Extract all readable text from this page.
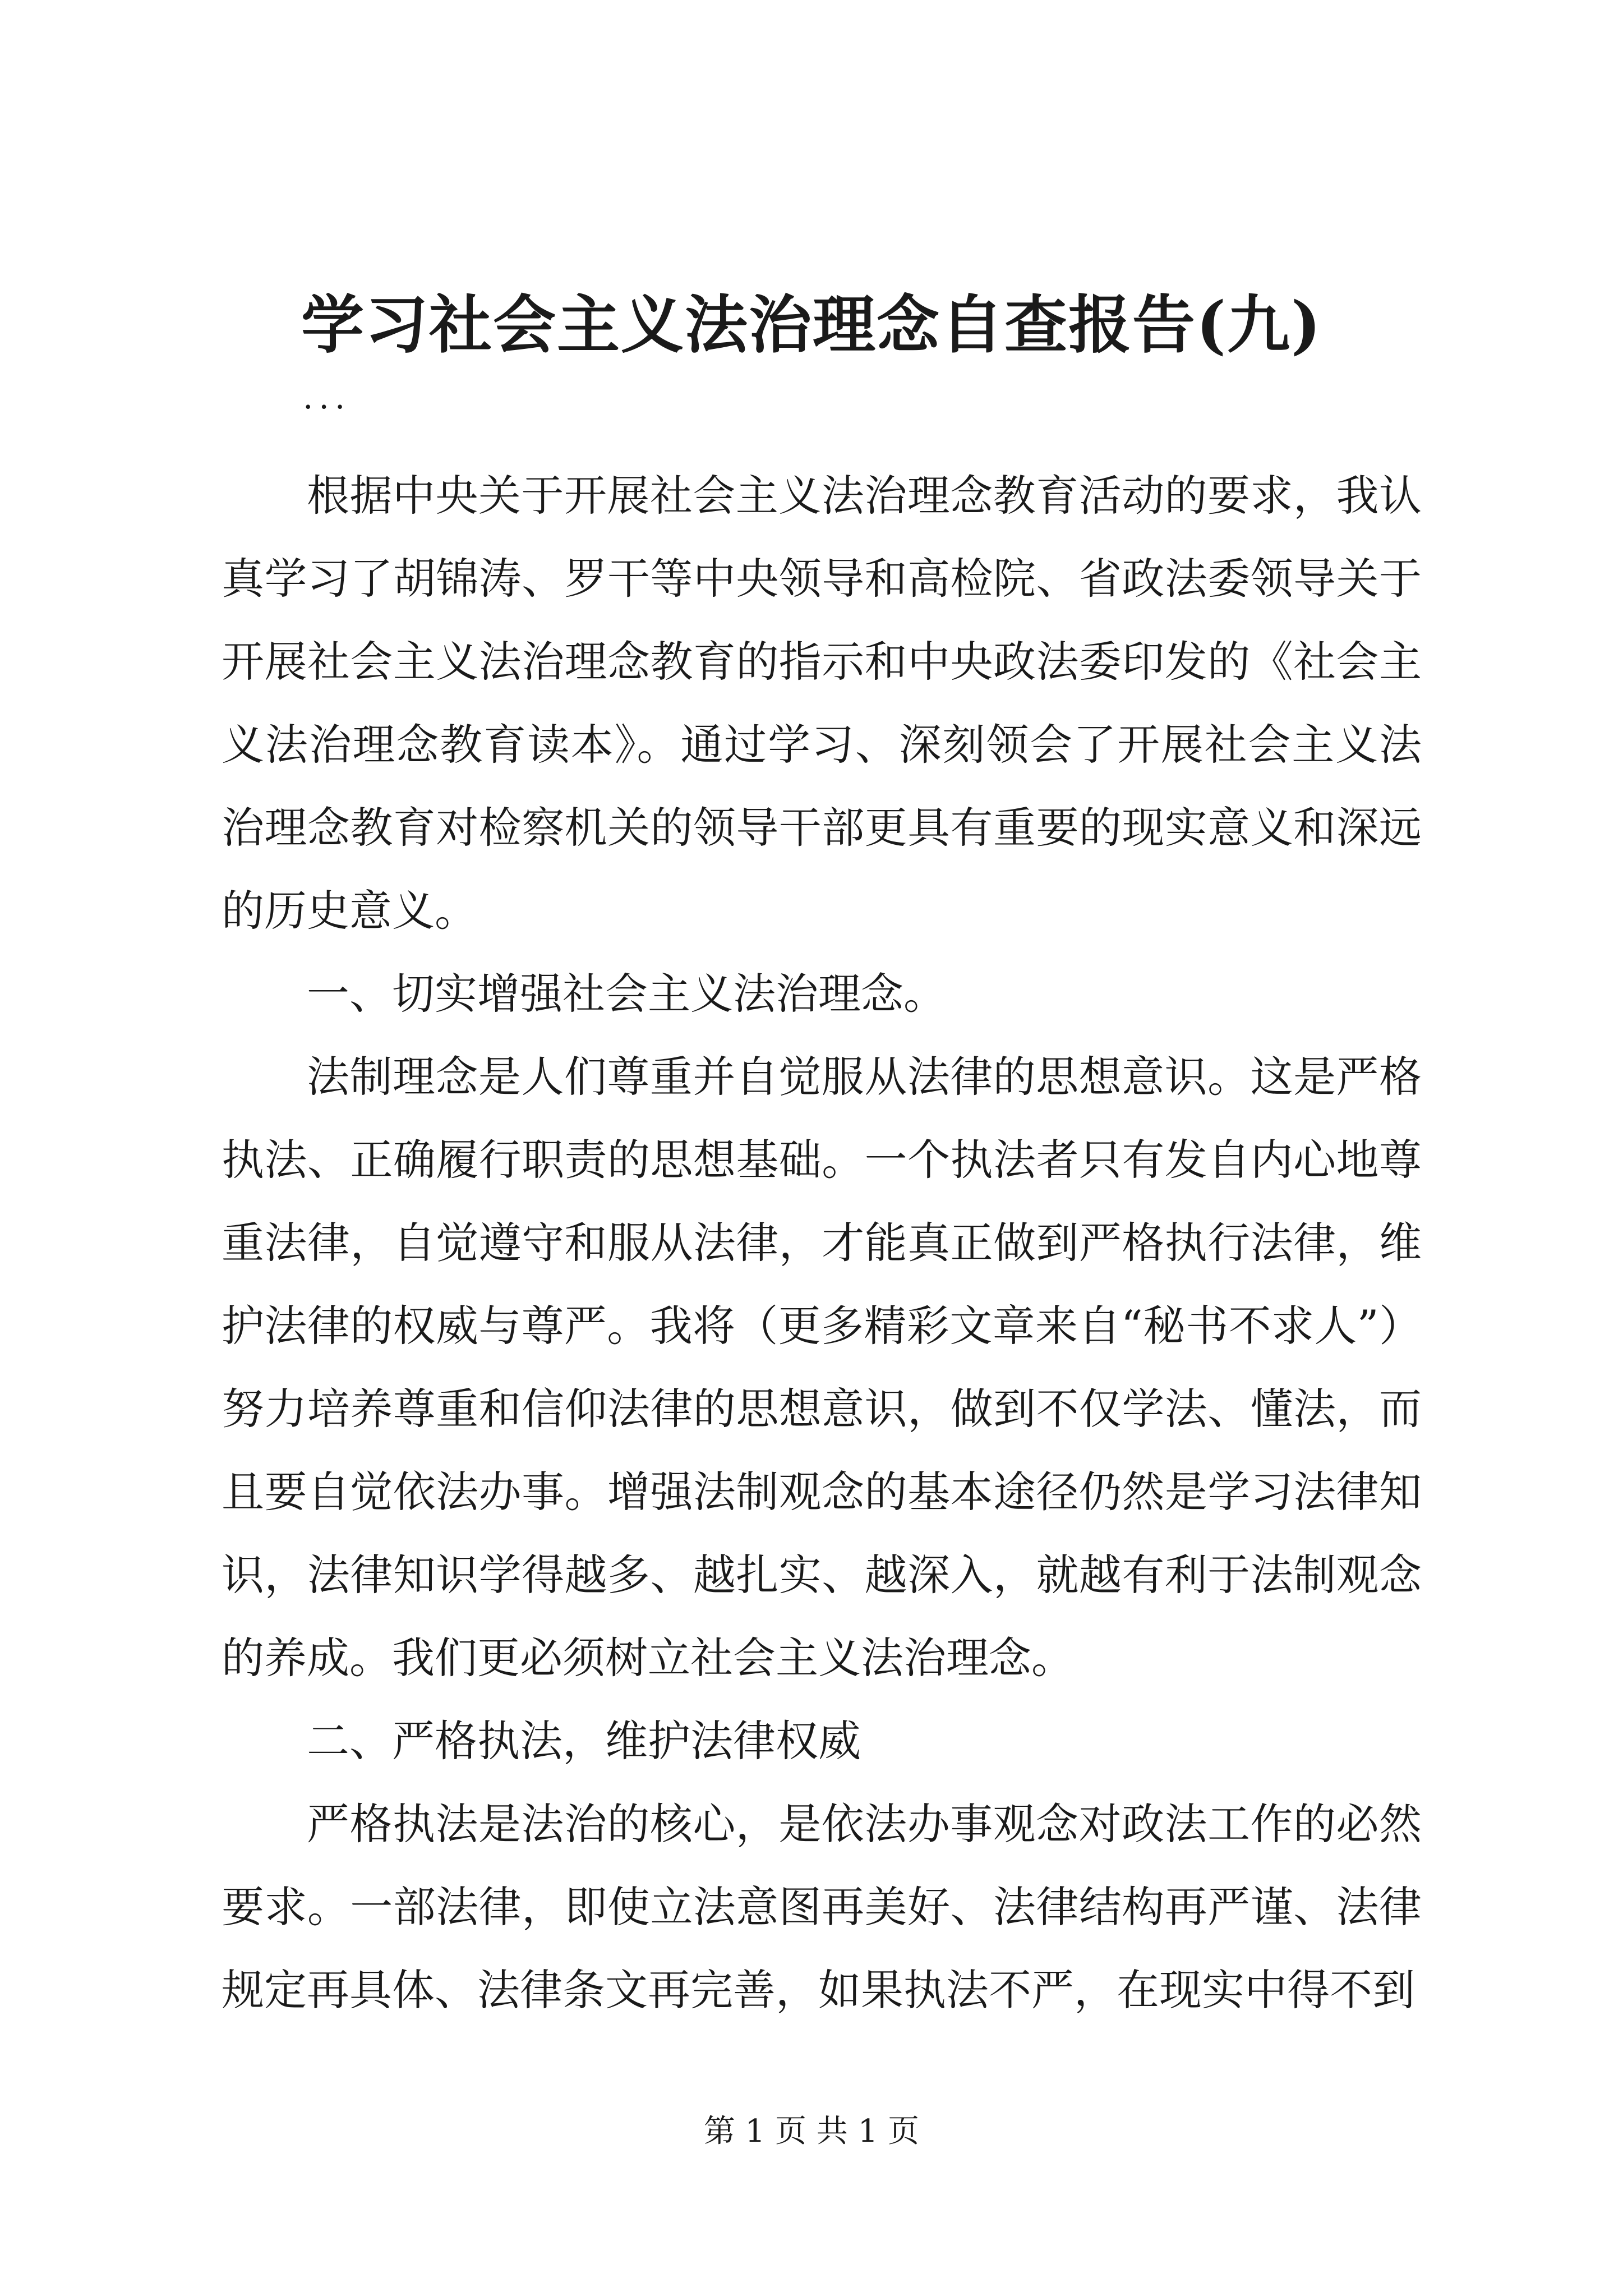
学习社会主义法治理念自查报告(九)

...

根据中央关于开展社会主义法治理念教育活动的要求，我认真学习了胡锦涛、罗干等中央领导和高检院、省政法委领导关于开展社会主义法治理念教育的指示和中央政法委印发的《社会主义法治理念教育读本》。通过学习、深刻领会了开展社会主义法治理念教育对检察机关的领导干部更具有重要的现实意义和深远的历史意义。

一、切实增强社会主义法治理念。

法制理念是人们尊重并自觉服从法律的思想意识。这是严格执法、正确履行职责的思想基础。一个执法者只有发自内心地尊重法律，自觉遵守和服从法律，才能真正做到严格执行法律，维护法律的权威与尊严。我将（更多精彩文章来自“秘书不求人”）努力培养尊重和信仰法律的思想意识，做到不仅学法、懂法，而且要自觉依法办事。增强法制观念的基本途径仍然是学习法律知识，法律知识学得越多、越扎实、越深入，就越有利于法制观念的养成。我们更必须树立社会主义法治理念。

二、严格执法，维护法律权威

严格执法是法治的核心，是依法办事观念对政法工作的必然要求。一部法律，即使立法意图再美好、法律结构再严谨、法律规定再具体、法律条文再完善，如果执法不严，在现实中得不到

第 1 页 共 1 页
